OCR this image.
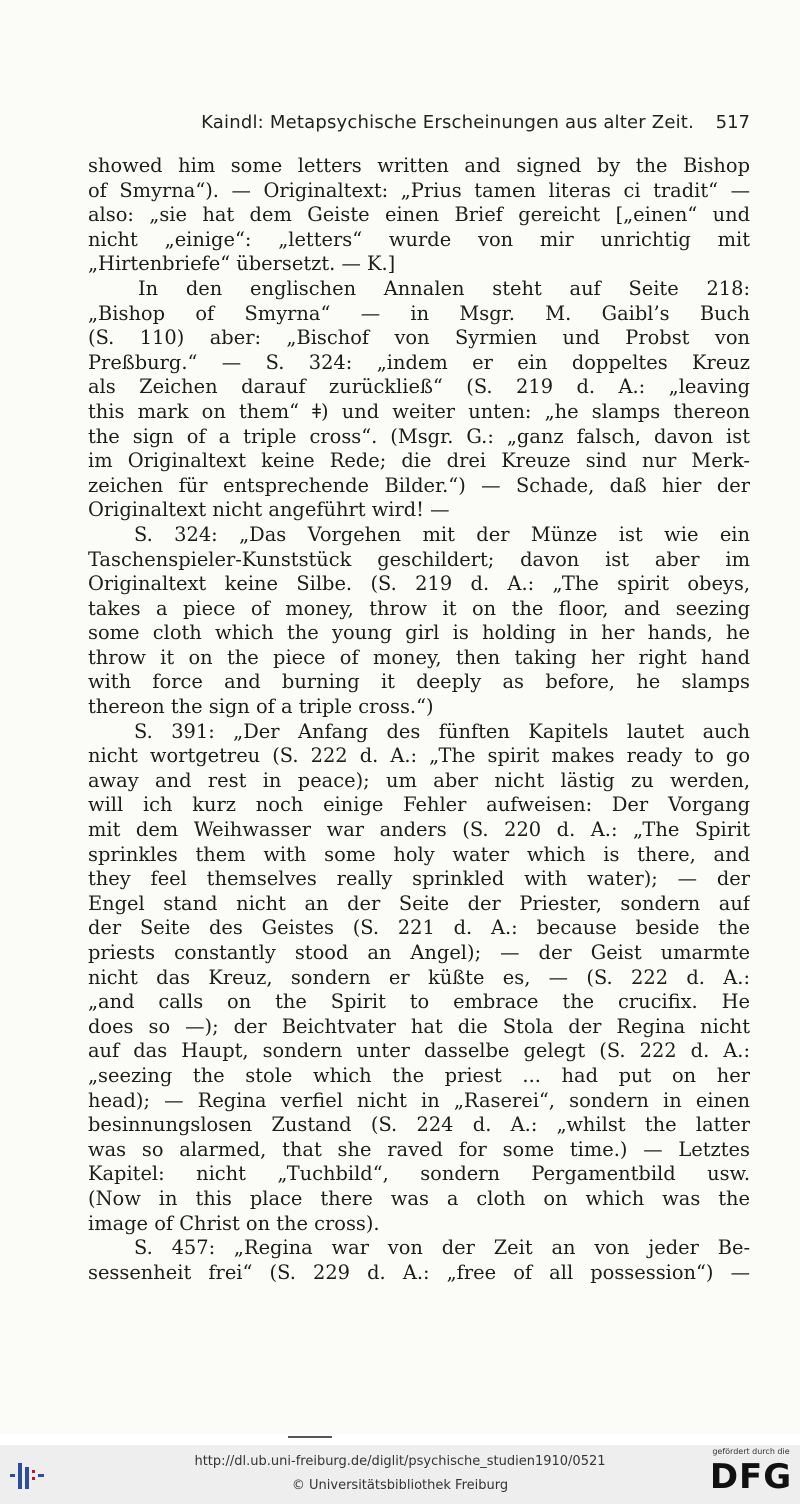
Kaindl: Metapsychische Erscheinungen aus alter Zeit. 517
showed him some letters written and signed by the Bishop
of Smyrna“). — Originaltext: „Prius tamen literas ci tradit“ —
also: „sie hat dem Geiste einen Brief gereicht [„einen“ und
nicht „einige“: „letters“ wurde von mir unrichtig mit
„Hirtenbriefe“ übersetzt. — K.]
In den englischen Annalen steht auf Seite 218:
„Bishop of Smyrna“ — in Msgr. M. Gaibl’s Buch
(S. 110) aber: „Bischof von Syrmien und Probst von
Preßburg.“ — S. 324: „indem er ein doppeltes Kreuz
als Zeichen darauf zurückließ“ (S. 219 d. A.: „leaving
this mark on them“ ǂ) und weiter unten: „he slamps thereon
the sign of a triple cross“. (Msgr. G.: „ganz falsch, davon ist
im Originaltext keine Rede; die drei Kreuze sind nur Merk-
zeichen für entsprechende Bilder.“) — Schade, daß hier der
Originaltext nicht angeführt wird! —
S. 324: „Das Vorgehen mit der Münze ist wie ein
Taschenspieler-Kunststück geschildert; davon ist aber im
Originaltext keine Silbe. (S. 219 d. A.: „The spirit obeys,
takes a piece of money, throw it on the floor, and seezing
some cloth which the young girl is holding in her hands, he
throw it on the piece of money, then taking her right hand
with force and burning it deeply as before, he slamps
thereon the sign of a triple cross.“)
S. 391: „Der Anfang des fünften Kapitels lautet auch
nicht wortgetreu (S. 222 d. A.: „The spirit makes ready to go
away and rest in peace); um aber nicht lästig zu werden,
will ich kurz noch einige Fehler aufweisen: Der Vorgang
mit dem Weihwasser war anders (S. 220 d. A.: „The Spirit
sprinkles them with some holy water which is there, and
they feel themselves really sprinkled with water); — der
Engel stand nicht an der Seite der Priester, sondern auf
der Seite des Geistes (S. 221 d. A.: because beside the
priests constantly stood an Angel); — der Geist umarmte
nicht das Kreuz, sondern er küßte es, — (S. 222 d. A.:
„and calls on the Spirit to embrace the crucifix. He
does so —); der Beichtvater hat die Stola der Regina nicht
auf das Haupt, sondern unter dasselbe gelegt (S. 222 d. A.:
„seezing the stole which the priest ... had put on her
head); — Regina verfiel nicht in „Raserei“, sondern in einen
besinnungslosen Zustand (S. 224 d. A.: „whilst the latter
was so alarmed, that she raved for some time.) — Letztes
Kapitel: nicht „Tuchbild“, sondern Pergamentbild usw.
(Now in this place there was a cloth on which was the
image of Christ on the cross).
S. 457: „Regina war von der Zeit an von jeder Be-
sessenheit frei“ (S. 229 d. A.: „free of all possession“) —
http://dl.ub.uni-freiburg.de/diglit/psychische_studien1910/0521
© Universitätsbibliothek Freiburg
gefördert durch die
DFG
